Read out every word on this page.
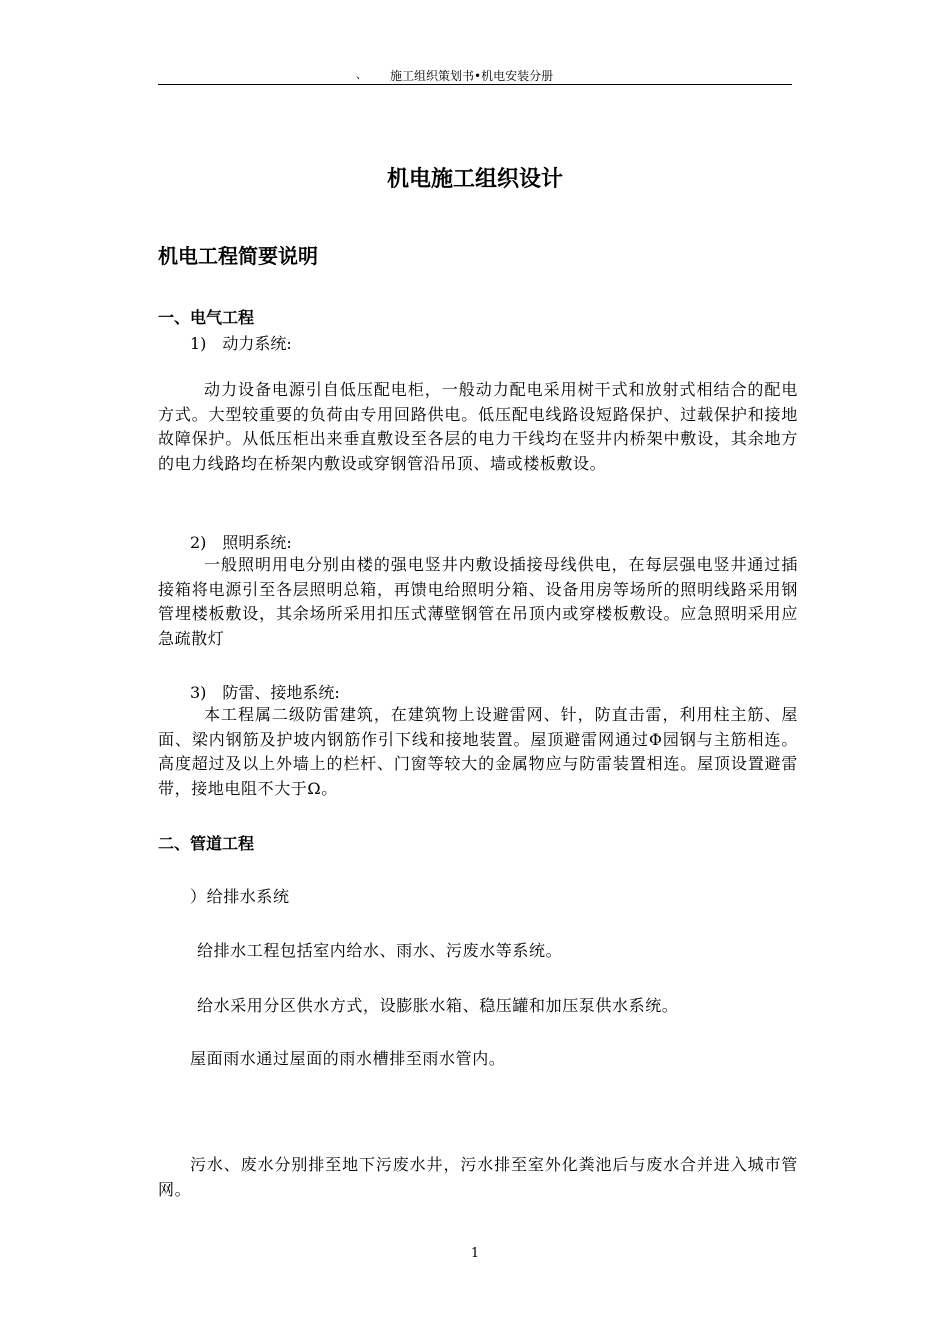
、 施工组织策划书•机电安装分册
机电施工组织设计
机电工程简要说明
一、电气工程
1)　动力系统:
动力设备电源引自低压配电柜，一般动力配电采用树干式和放射式相结合的配电方式。大型较重要的负荷由专用回路供电。低压配电线路设短路保护、过载保护和接地故障保护。从低压柜出来垂直敷设至各层的电力干线均在竖井内桥架中敷设，其余地方的电力线路均在桥架内敷设或穿钢管沿吊顶、墙或楼板敷设。
2)　照明系统:
一般照明用电分别由楼的强电竖井内敷设插接母线供电，在每层强电竖井通过插接箱将电源引至各层照明总箱，再馈电给照明分箱、设备用房等场所的照明线路采用钢管埋楼板敷设，其余场所采用扣压式薄壁钢管在吊顶内或穿楼板敷设。应急照明采用应急疏散灯
3)　防雷、接地系统:
本工程属二级防雷建筑，在建筑物上设避雷网、针，防直击雷，利用柱主筋、屋面、梁内钢筋及护坡内钢筋作引下线和接地装置。屋顶避雷网通过Φ园钢与主筋相连。高度超过及以上外墙上的栏杆、门窗等较大的金属物应与防雷装置相连。屋顶设置避雷带，接地电阻不大于Ω。
二、管道工程
）给排水系统
给排水工程包括室内给水、雨水、污废水等系统。
给水采用分区供水方式，设膨胀水箱、稳压罐和加压泵供水系统。
屋面雨水通过屋面的雨水槽排至雨水管内。
污水、废水分别排至地下污废水井，污水排至室外化粪池后与废水合并进入城市管网。
1
